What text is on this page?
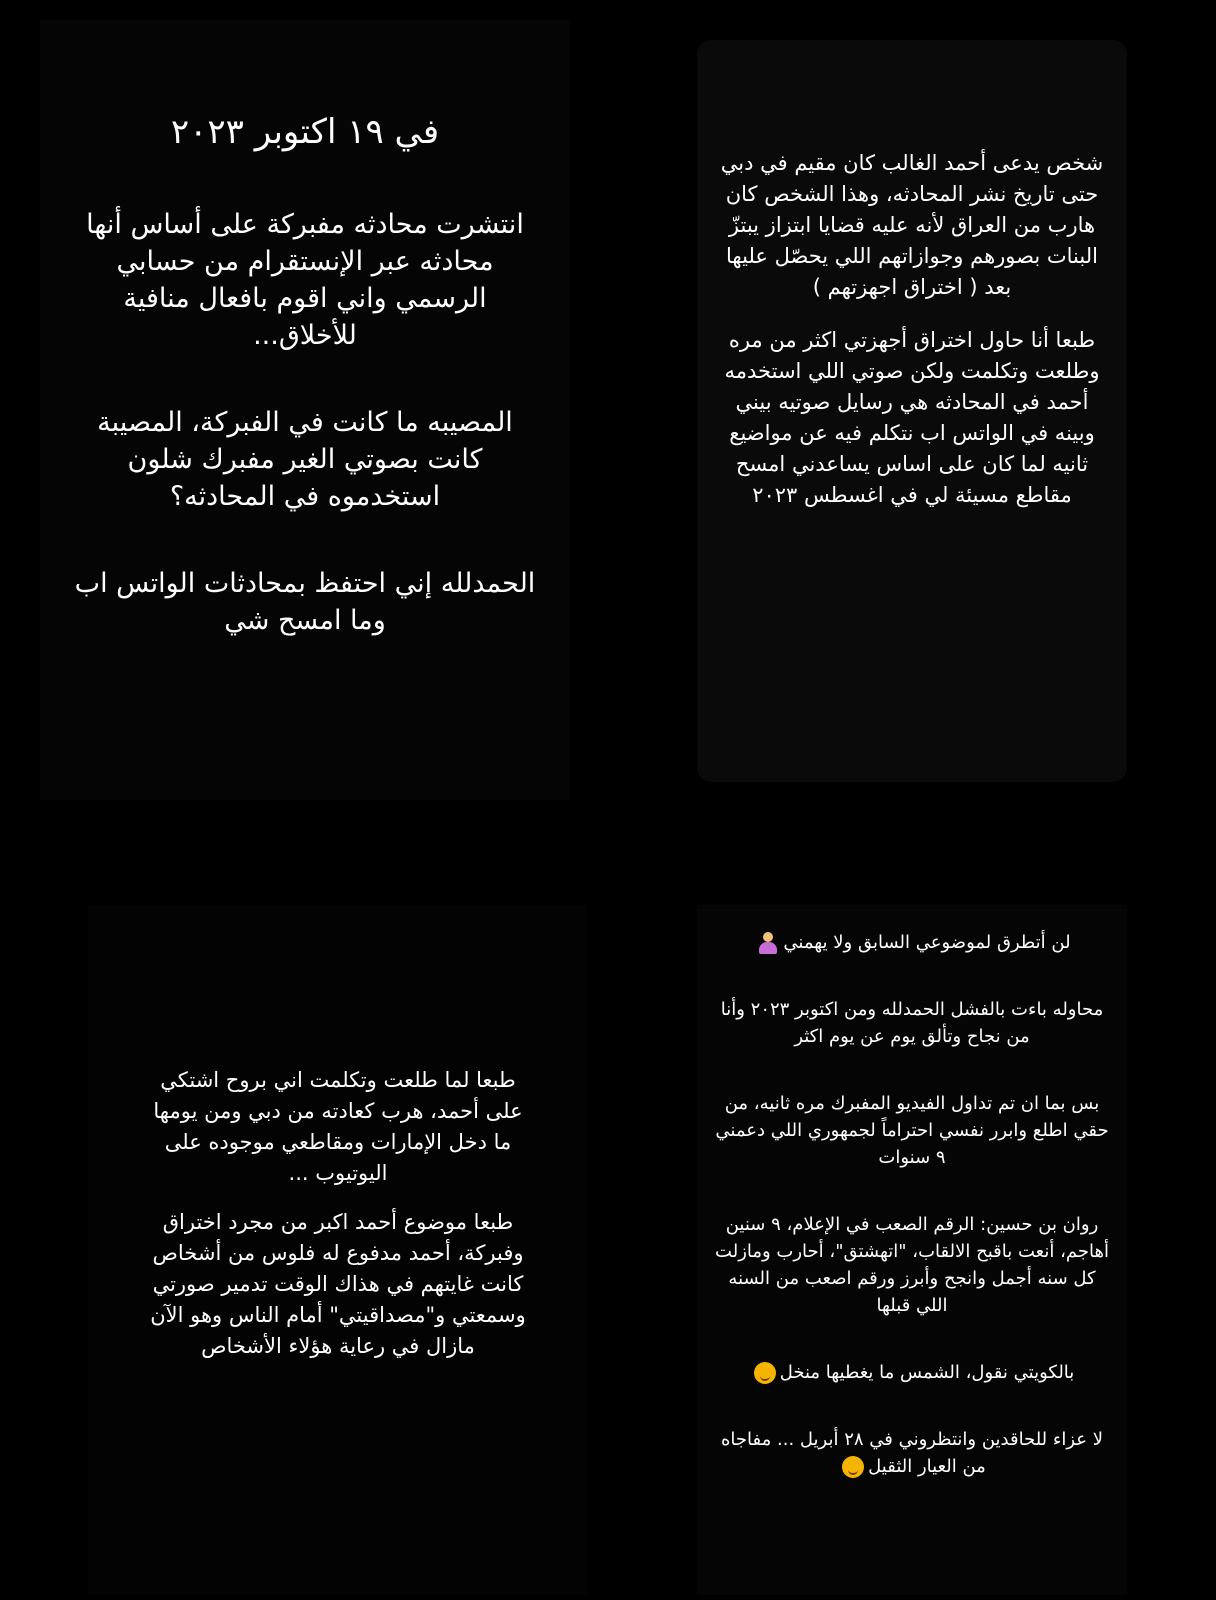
في ١٩ اكتوبر ٢٠٢٣

انتشرت محادثه مفبركة على أساس أنها محادثه عبر الإنستقرام من حسابي الرسمي واني اقوم بافعال منافية للأخلاق...

المصيبه ما كانت في الفبركة، المصيبة كانت بصوتي الغير مفبرك شلون استخدموه في المحادثه؟

الحمدلله إني احتفظ بمحادثات الواتس اب وما امسح شي

شخص يدعى أحمد الغالب كان مقيم في دبي حتى تاريخ نشر المحادثه، وهذا الشخص كان هارب من العراق لأنه عليه قضايا ابتزاز يبتزّ البنات بصورهم وجوازاتهم اللي يحصّل عليها بعد ( اختراق اجهزتهم )

طبعا أنا حاول اختراق أجهزتي اكثر من مره وطلعت وتكلمت ولكن صوتي اللي استخدمه أحمد في المحادثه هي رسايل صوتيه بيني وبينه في الواتس اب نتكلم فيه عن مواضيع ثانيه لما كان على اساس يساعدني امسح مقاطع مسيئة لي في اغسطس ٢٠٢٣

طبعا لما طلعت وتكلمت اني بروح اشتكي على أحمد، هرب كعادته من دبي ومن يومها ما دخل الإمارات ومقاطعي موجوده على اليوتيوب ...

طبعا موضوع أحمد اكبر من مجرد اختراق وفبركة، أحمد مدفوع له فلوس من أشخاص كانت غايتهم في هذاك الوقت تدمير صورتي وسمعتي و"مصداقيتي" أمام الناس وهو الآن مازال في رعاية هؤلاء الأشخاص

لن أتطرق لموضوعي السابق ولا يهمني

محاوله باءت بالفشل الحمدلله ومن اكتوبر ٢٠٢٣ وأنا من نجاح وتألق يوم عن يوم اكثر

بس بما ان تم تداول الفيديو المفبرك مره ثانيه، من حقي اطلع وابرر نفسي احتراماً لجمهوري اللي دعمني ٩ سنوات

روان بن حسين: الرقم الصعب في الإعلام، ٩ سنين أهاجم، أنعت باقبح الالقاب، "اتهشتق"، أحارب ومازلت كل سنه أجمل وانجح وأبرز ورقم اصعب من السنه اللي قبلها

بالكويتي نقول، الشمس ما يغطيها منخل

لا عزاء للحاقدين وانتظروني في ٢٨ أبريل ... مفاجاه من العيار الثقيل
